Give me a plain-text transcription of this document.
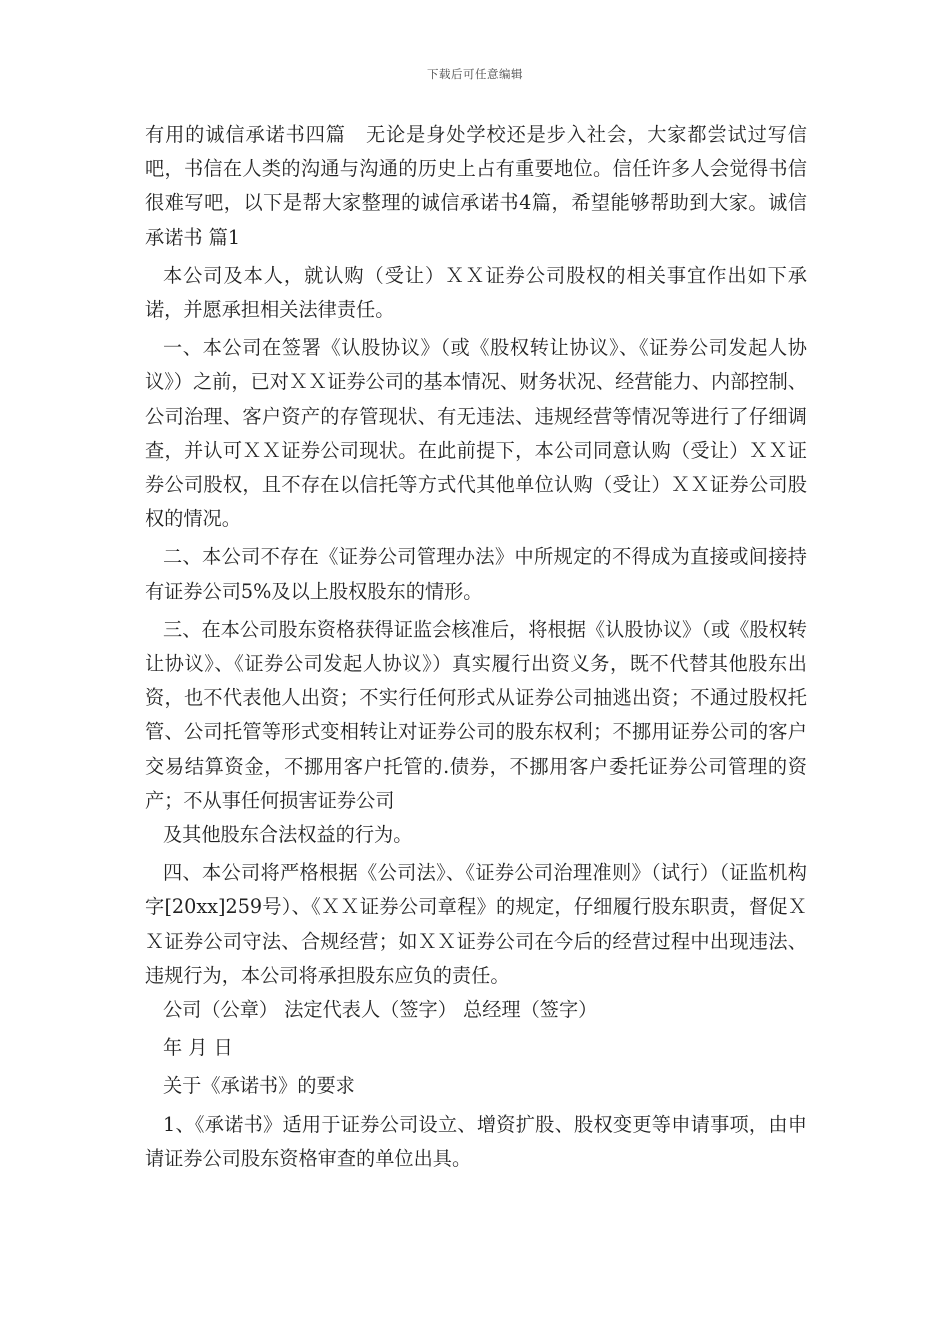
下载后可任意编辑

有用的诚信承诺书四篇　无论是身处学校还是步入社会，大家都尝试过写信吧，书信在人类的沟通与沟通的历史上占有重要地位。信任许多人会觉得书信很难写吧，以下是帮大家整理的诚信承诺书4篇，希望能够帮助到大家。诚信承诺书 篇1

本公司及本人，就认购（受让）ＸＸ证券公司股权的相关事宜作出如下承诺，并愿承担相关法律责任。

一、本公司在签署《认股协议》（或《股权转让协议》、《证券公司发起人协议》）之前，已对ＸＸ证券公司的基本情况、财务状况、经营能力、内部控制、公司治理、客户资产的存管现状、有无违法、违规经营等情况等进行了仔细调查，并认可ＸＸ证券公司现状。在此前提下，本公司同意认购（受让）ＸＸ证券公司股权，且不存在以信托等方式代其他单位认购（受让）ＸＸ证券公司股权的情况。

二、本公司不存在《证券公司管理办法》中所规定的不得成为直接或间接持有证券公司5%及以上股权股东的情形。

三、在本公司股东资格获得证监会核准后，将根据《认股协议》（或《股权转让协议》、《证券公司发起人协议》）真实履行出资义务，既不代替其他股东出资，也不代表他人出资；不实行任何形式从证券公司抽逃出资；不通过股权托管、公司托管等形式变相转让对证券公司的股东权利；不挪用证券公司的客户交易结算资金，不挪用客户托管的.债券，不挪用客户委托证券公司管理的资产；不从事任何损害证券公司

及其他股东合法权益的行为。

四、本公司将严格根据《公司法》、《证券公司治理准则》（试行）（证监机构字[20xx]259号）、《ＸＸ证券公司章程》的规定，仔细履行股东职责，督促ＸＸ证券公司守法、合规经营；如ＸＸ证券公司在今后的经营过程中出现违法、违规行为，本公司将承担股东应负的责任。

公司（公章） 法定代表人（签字） 总经理（签字）

年 月 日

关于《承诺书》的要求

1、《承诺书》适用于证券公司设立、增资扩股、股权变更等申请事项，由申请证券公司股东资格审查的单位出具。
